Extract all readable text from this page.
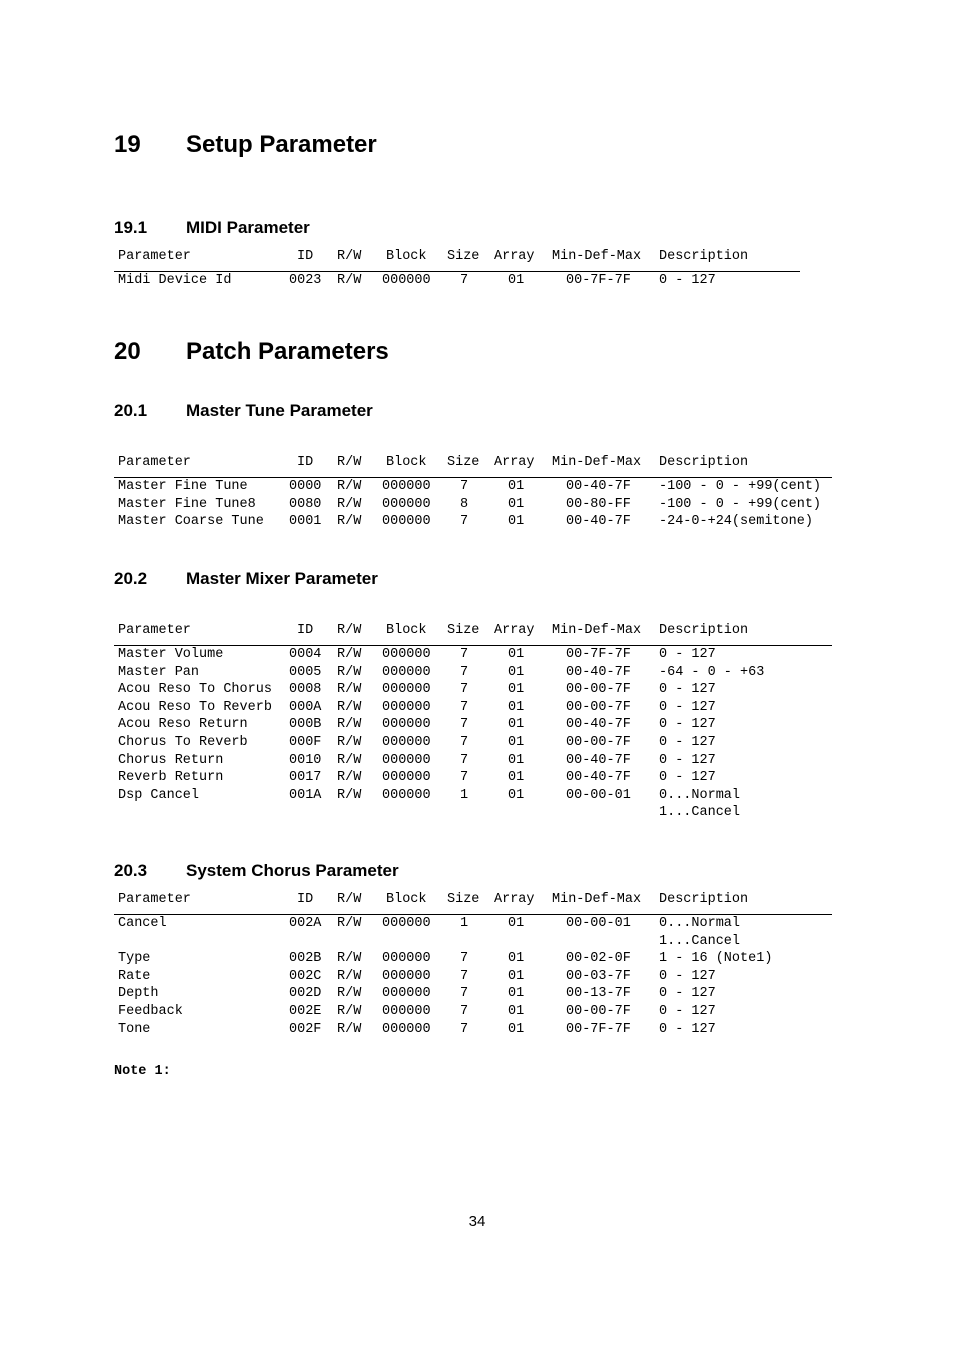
19 Setup Parameter
19.1 MIDI Parameter
Parameter	ID R/W Block Size Array Min-Def-Max Description
Midi Device Id	0023 R/W 000000 7	01	00-7F-7F 0 - 127
20 Patch Parameters
20.1 Master Tune Parameter
Parameter	ID R/W Block Size Array Min-Def-Max Description
Master Fine Tune	0000 R/W 000000 7	01	00-40-7F -100 - 0 - +99(cent)
Master Fine Tune8 0080 R/W 000000 8	01	00-80-FF -100 - 0 - +99(cent)
Master Coarse Tune 0001 R/W 000000 7	01	00-40-7F -24-0-+24(semitone)
20.2 Master Mixer Parameter
Parameter	ID R/W Block Size Array Min-Def-Max Description
Master Volume	0004 R/W 000000 7	01	00-7F-7F 0 - 127
Master Pan	0005 R/W 000000 7	01	00-40-7F -64 - 0 - +63
Acou Reso To Chorus 0008 R/W 000000 7	01	00-00-7F 0 - 127
Acou Reso To Reverb 000A R/W 000000 7	01	00-00-7F 0 - 127
Acou Reso Return	000B R/W 000000 7	01	00-40-7F 0 - 127
Chorus To Reverb	000F R/W 000000 7	01	00-00-7F 0 - 127
Chorus Return	0010 R/W 000000 7	01	00-40-7F 0 - 127
Reverb Return	0017 R/W 000000 7	01	00-40-7F 0 - 127
Dsp Cancel	001A R/W 000000 1	01	00-00-01 0...Normal
1...Cancel
20.3 System Chorus Parameter
Parameter	ID R/W Block Size Array Min-Def-Max Description
Cancel	002A R/W 000000 1	01	00-00-01 0...Normal
1...Cancel
Type	002B R/W 000000 7	01	00-02-0F 1 - 16 (Note1)
Rate	002C R/W 000000 7	01	00-03-7F 0 - 127
Depth	002D R/W 000000 7	01	00-13-7F 0 - 127
Feedback	002E R/W 000000 7	01	00-00-7F 0 - 127
Tone	002F R/W 000000 7	01	00-7F-7F 0 - 127
Note 1:
34
